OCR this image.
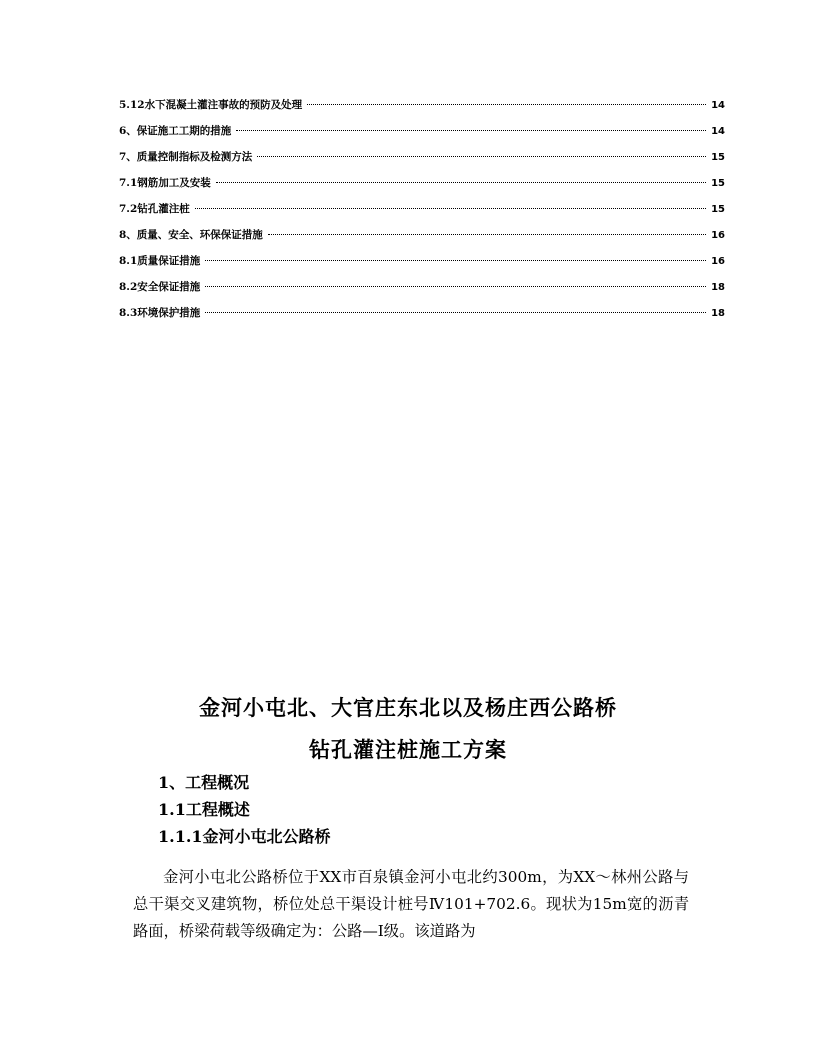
5.12水下混凝土灌注事故的预防及处理	14
6、保证施工工期的措施	14
7、质量控制指标及检测方法	15
7.1钢筋加工及安装	15
7.2钻孔灌注桩	15
8、质量、安全、环保保证措施	16
8.1质量保证措施	16
8.2安全保证措施	18
8.3环境保护措施	18
金河小屯北、大官庄东北以及杨庄西公路桥
钻孔灌注桩施工方案
1、工程概况
1.1工程概述
1.1.1金河小屯北公路桥

金河小屯北公路桥位于XX市百泉镇金河小屯北约300m，为XX～林州公路与总干渠交叉建筑物，桥位处总干渠设计桩号Ⅳ101+702.6。现状为15m宽的沥青路面，桥梁荷载等级确定为：公路—Ⅰ级。该道路为
